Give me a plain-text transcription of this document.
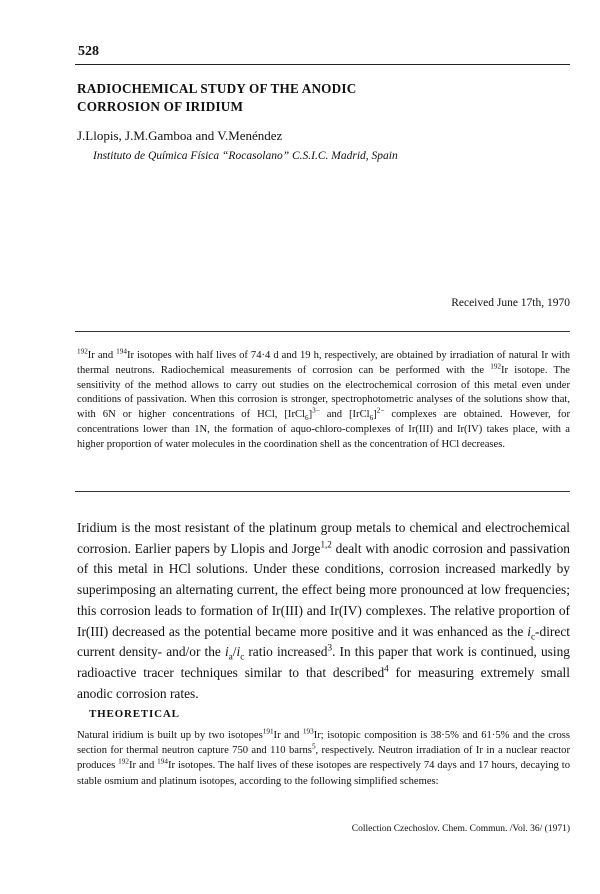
528
RADIOCHEMICAL STUDY OF THE ANODIC
CORROSION OF IRIDIUM
J.Llopis, J.M.Gamboa and V.Menéndez
Instituto de Química Física “Rocasolano” C.S.I.C. Madrid, Spain
Received June 17th, 1970
$^{192}$Ir and $^{194}$Ir isotopes with half lives of 74·4 d and 19 h, respectively, are obtained by irradiation of natural Ir with thermal neutrons. Radiochemical measurements of corrosion can be performed with the $^{192}$Ir isotope. The sensitivity of the method allows to carry out studies on the electrochemical corrosion of this metal even under conditions of passivation. When this corrosion is stronger, spectrophotometric analyses of the solutions show that, with 6N or higher concentrations of HCl, [IrCl$_6$]$^{3-}$ and [IrCl$_6$]$^{2-}$ complexes are obtained. However, for concentrations lower than 1N, the formation of aquo-chloro-complexes of Ir(III) and Ir(IV) takes place, with a higher proportion of water molecules in the coordination shell as the concentration of HCl decreases.
Iridium is the most resistant of the platinum group metals to chemical and electrochemical corrosion. Earlier papers by Llopis and Jorge$^{1,2}$ dealt with anodic corrosion and passivation of this metal in HCl solutions. Under these conditions, corrosion increased markedly by superimposing an alternating current, the effect being more pronounced at low frequencies; this corrosion leads to formation of Ir(III) and Ir(IV) complexes. The relative proportion of Ir(III) decreased as the potential became more positive and it was enhanced as the $i_c$-direct current density- and/or the $i_a/i_c$ ratio increased$^3$. In this paper that work is continued, using radioactive tracer techniques similar to that described$^4$ for measuring extremely small anodic corrosion rates.
THEORETICAL
Natural iridium is built up by two isotopes$^{191}$Ir and $^{193}$Ir; isotopic composition is 38·5% and 61·5% and the cross section for thermal neutron capture 750 and 110 barns$^5$, respectively. Neutron irradiation of Ir in a nuclear reactor produces $^{192}$Ir and $^{194}$Ir isotopes. The half lives of these isotopes are respectively 74 days and 17 hours, decaying to stable osmium and platinum isotopes, according to the following simplified schemes:
Collection Czechoslov. Chem. Commun. /Vol. 36/ (1971)
